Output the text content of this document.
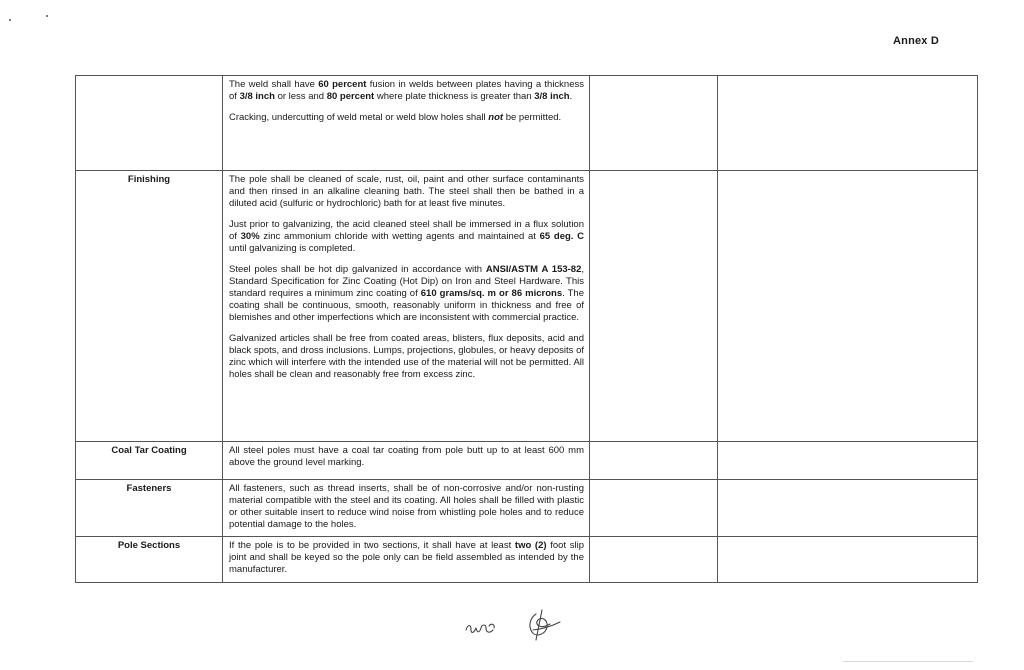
Annex D

	The weld shall have 60 percent fusion in welds between plates having a thickness of 3/8 inch or less and 80 percent where plate thickness is greater than 3/8 inch.

Cracking, undercutting of weld metal or weld blow holes shall not be permitted.		

Finishing	The pole shall be cleaned of scale, rust, oil, paint and other surface contaminants and then rinsed in an alkaline cleaning bath. The steel shall then be bathed in a diluted acid (sulfuric or hydrochloric) bath for at least five minutes.

Just prior to galvanizing, the acid cleaned steel shall be immersed in a flux solution of 30% zinc ammonium chloride with wetting agents and maintained at 65 deg. C until galvanizing is completed.

Steel poles shall be hot dip galvanized in accordance with ANSI/ASTM A 153-82, Standard Specification for Zinc Coating (Hot Dip) on Iron and Steel Hardware. This standard requires a minimum zinc coating of 610 grams/sq. m or 86 microns. The coating shall be continuous, smooth, reasonably uniform in thickness and free of blemishes and other imperfections which are inconsistent with commercial practice.

Galvanized articles shall be free from coated areas, blisters, flux deposits, acid and black spots, and dross inclusions. Lumps, projections, globules, or heavy deposits of zinc which will interfere with the intended use of the material will not be permitted. All holes shall be clean and reasonably free from excess zinc.		

Coal Tar Coating	All steel poles must have a coal tar coating from pole butt up to at least 600 mm above the ground level marking.		

Fasteners	All fasteners, such as thread inserts, shall be of non-corrosive and/or non-rusting material compatible with the steel and its coating. All holes shall be filled with plastic or other suitable insert to reduce wind noise from whistling pole holes and to reduce potential damage to the holes.		

Pole Sections	If the pole is to be provided in two sections, it shall have at least two (2) foot slip joint and shall be keyed so the pole only can be field assembled as intended by the manufacturer.		
